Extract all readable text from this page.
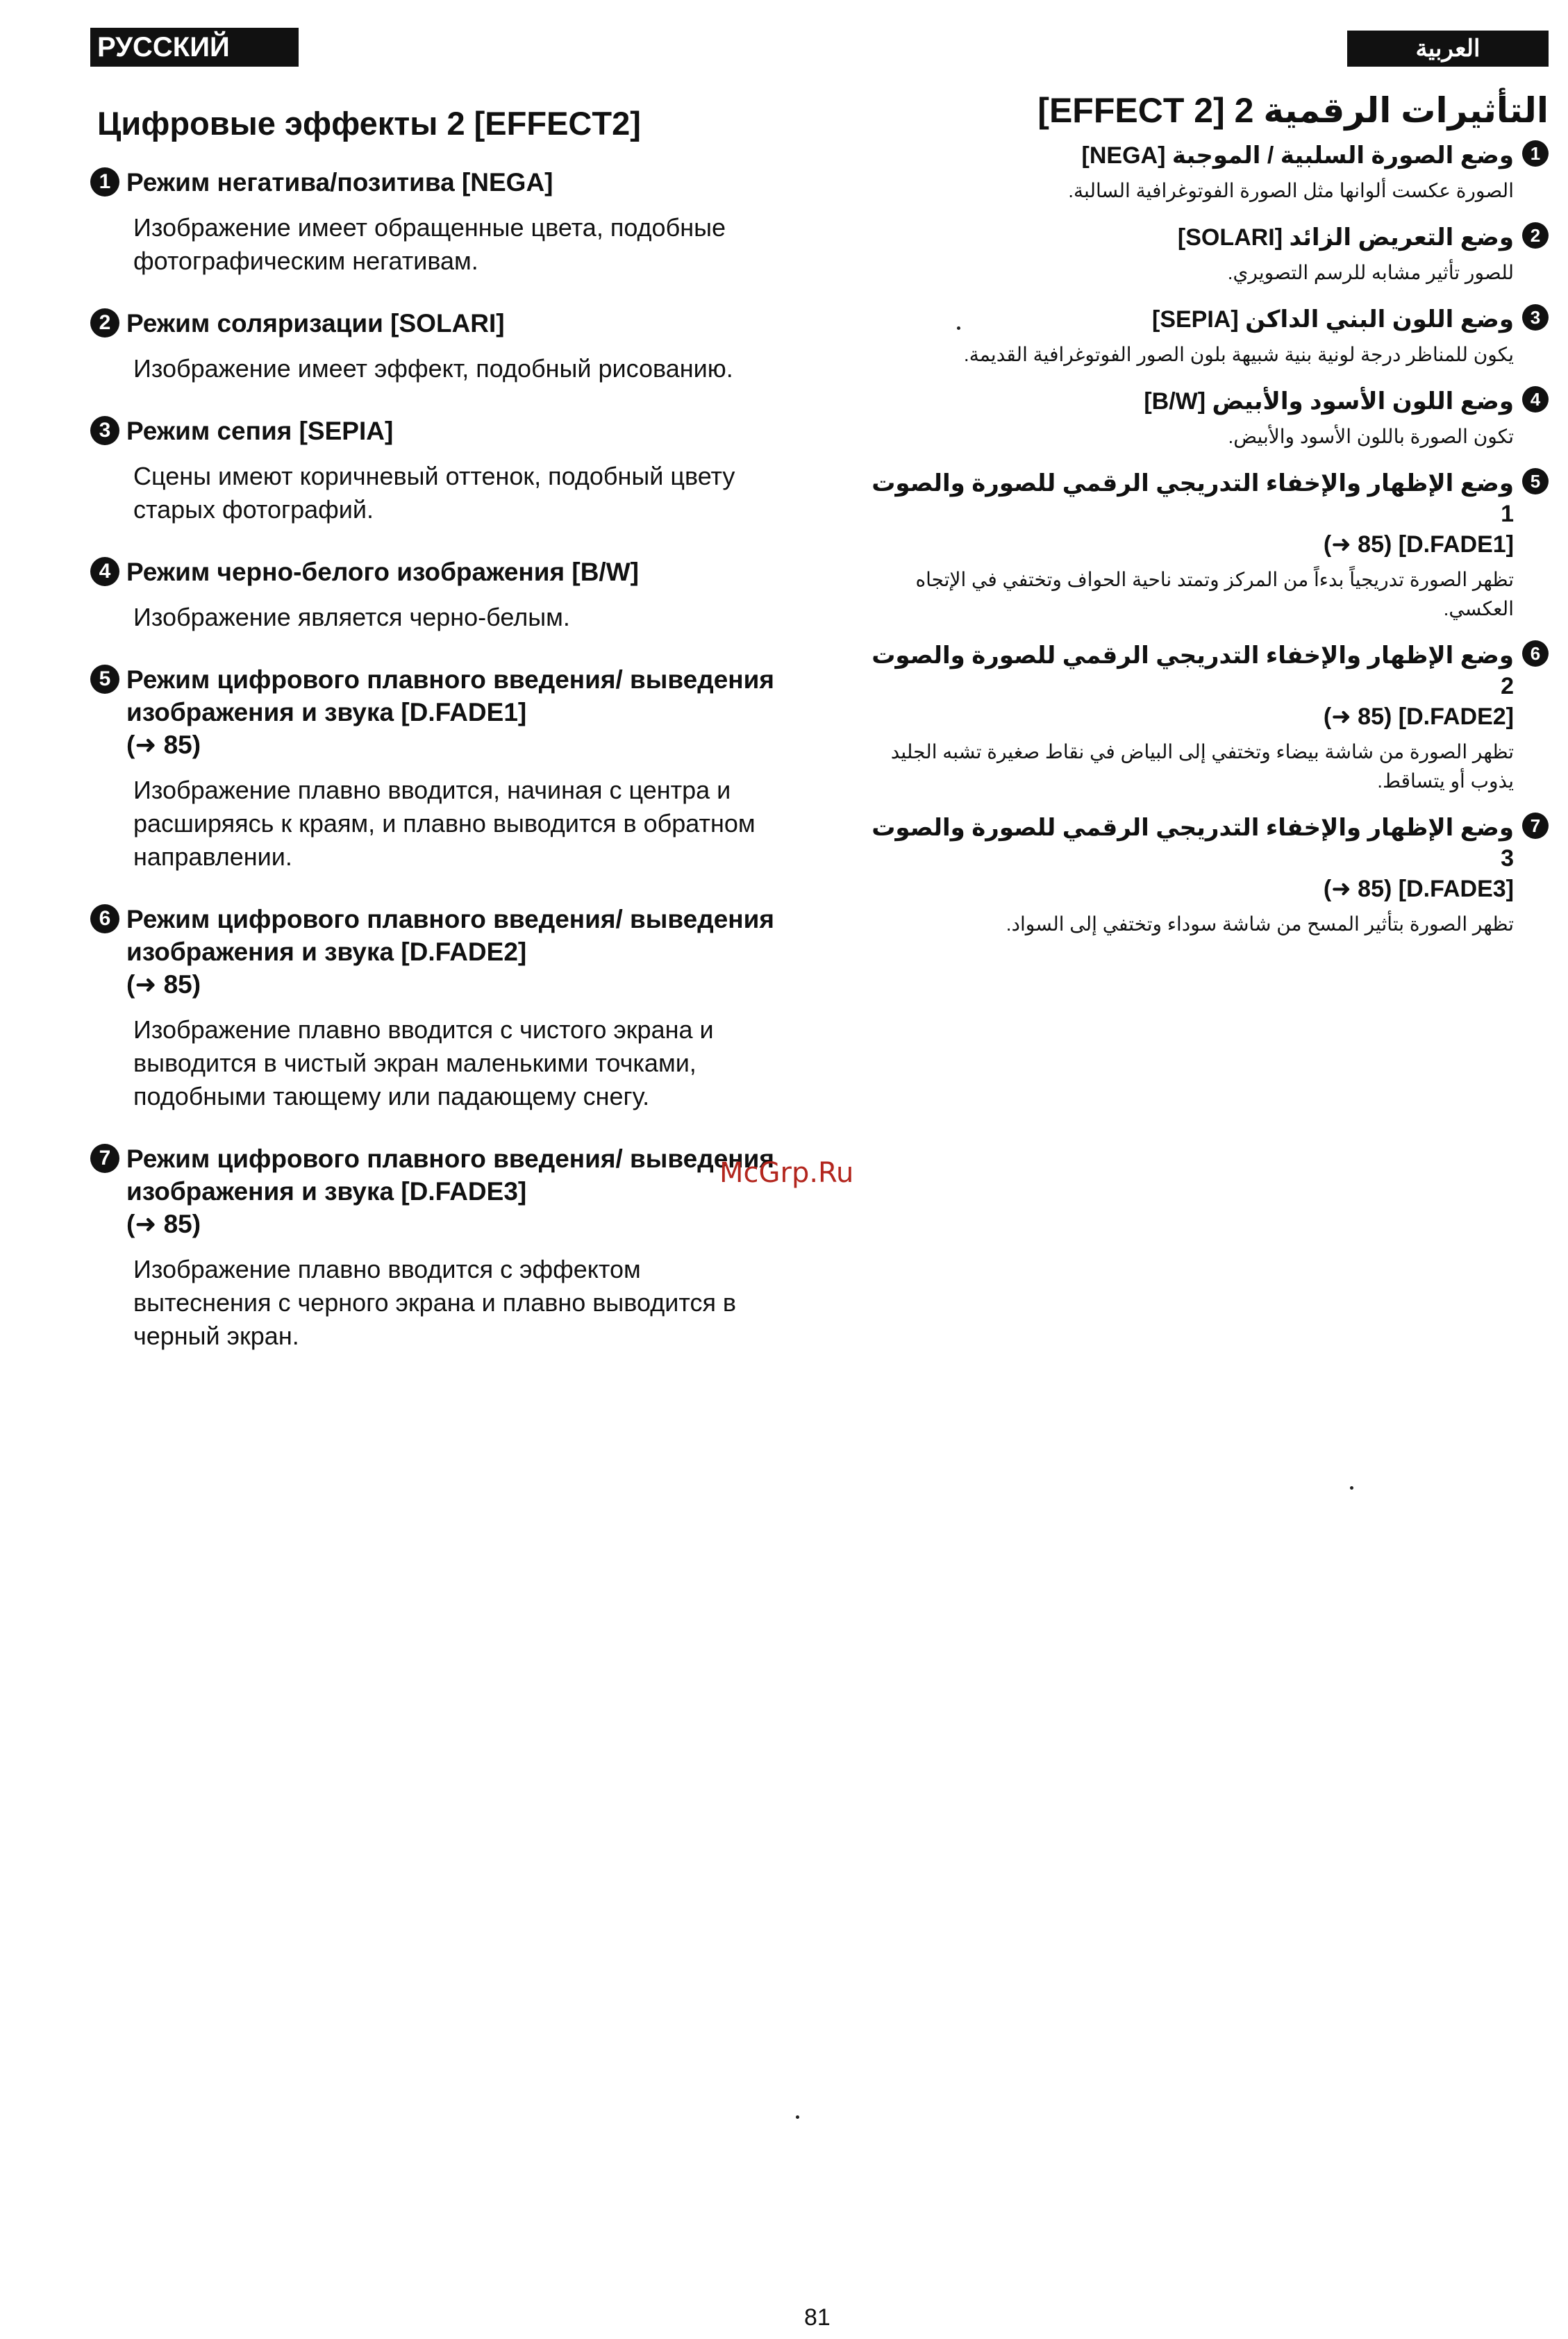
РУССКИЙ ЯЗЫК
العربية
Цифровые эффекты 2 [EFFECT2]
1 Режим негатива/позитива [NEGA]
Изображение имеет обращенные цвета, подобные фотографическим негативам.
2 Режим соляризации [SOLARI]
Изображение имеет эффект, подобный рисованию.
3 Режим сепия [SEPIA]
Сцены имеют коричневый оттенок, подобный цвету старых фотографий.
4 Режим черно-белого изображения [B/W]
Изображение является черно-белым.
5 Режим цифрового плавного введения/ выведения изображения и звука [D.FADE1]
(➜ 85)
Изображение плавно вводится, начиная с центра и расширяясь к краям, и плавно выводится в обратном направлении.
6 Режим цифрового плавного введения/ выведения изображения и звука [D.FADE2]
(➜ 85)
Изображение плавно вводится с чистого экрана и выводится в чистый экран маленькими точками, подобными тающему или падающему снегу.
7 Режим цифрового плавного введения/ выведения изображения и звука [D.FADE3]
(➜ 85)
Изображение плавно вводится с эффектом вытеснения с черного экрана и плавно выводится в черный экран.
التأثيرات الرقمية 2 [EFFECT 2]
1
وضع الصورة السلبية / الموجبة [NEGA]
الصورة عكست ألوانها مثل الصورة الفوتوغرافية السالبة.
2
وضع التعريض الزائد [SOLARI]
للصور تأثير مشابه للرسم التصويري.
3
وضع اللون البني الداكن [SEPIA]
يكون للمناظر درجة لونية بنية شبيهة بلون الصور الفوتوغرافية القديمة.
4
وضع اللون الأسود والأبيض [B/W]
تكون الصورة باللون الأسود والأبيض.
5
وضع الإظهار والإخفاء التدريجي الرقمي للصورة والصوت 1
(➜ 85) [D.FADE1]
تظهر الصورة تدريجياً بدءاً من المركز وتمتد ناحية الحواف وتختفي في الإتجاه العكسي.
6
وضع الإظهار والإخفاء التدريجي الرقمي للصورة والصوت 2
(➜ 85) [D.FADE2]
تظهر الصورة من شاشة بيضاء وتختفي إلى البياض في نقاط صغيرة تشبه الجليد يذوب أو يتساقط.
7
وضع الإظهار والإخفاء التدريجي الرقمي للصورة والصوت 3
(➜ 85) [D.FADE3]
تظهر الصورة بتأثير المسح من شاشة سوداء وتختفي إلى السواد.
McGrp.Ru
81
